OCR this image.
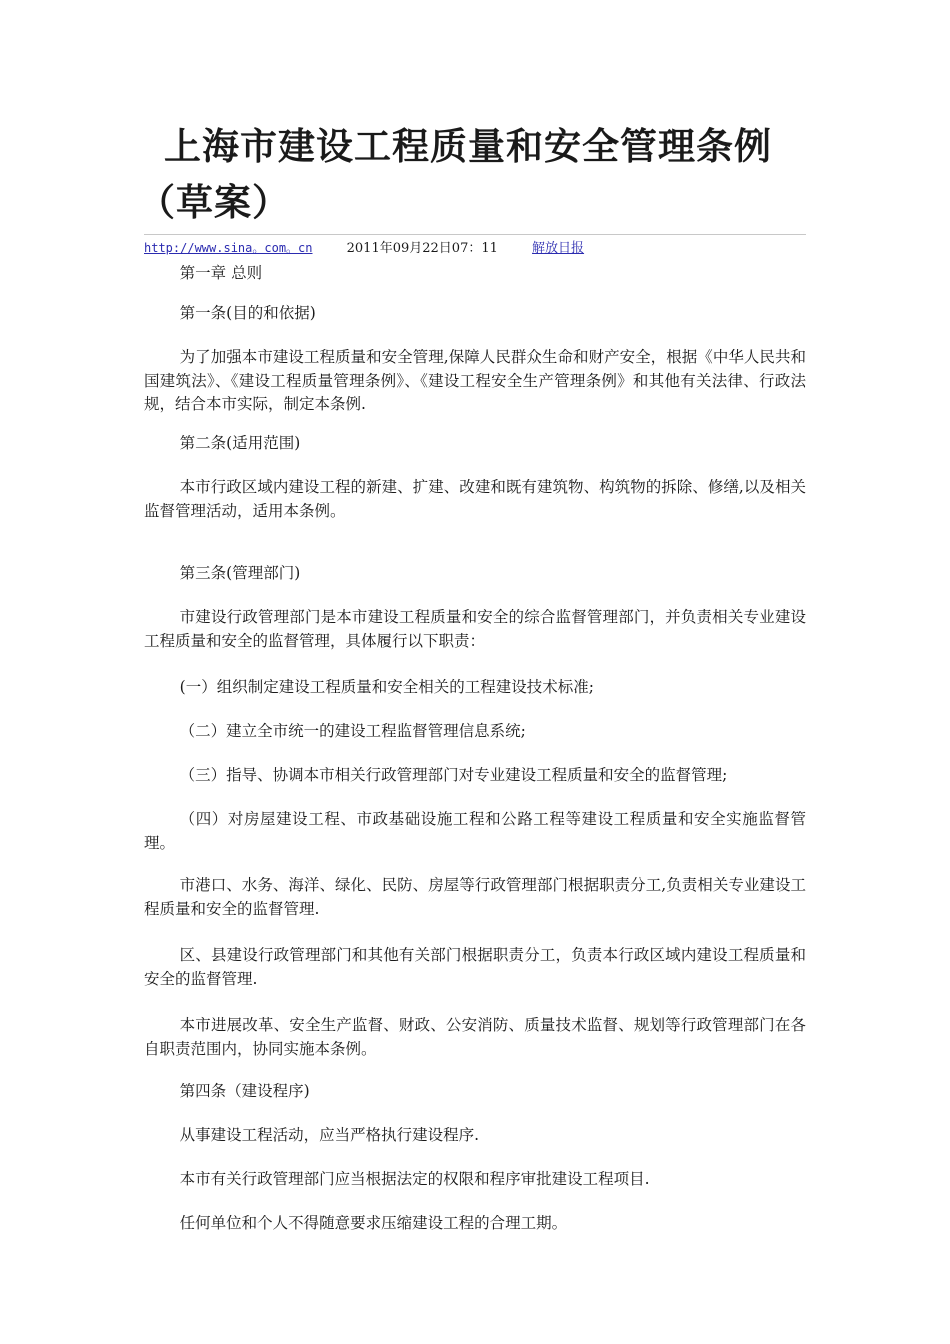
上海市建设工程质量和安全管理条例
（草案）
http://www.sina。com。cn	2011年09月22日07：11	解放日报

第一章 总则

第一条(目的和依据)

为了加强本市建设工程质量和安全管理,保障人民群众生命和财产安全，根据《中华人民共和国建筑法》、《建设工程质量管理条例》、《建设工程安全生产管理条例》和其他有关法律、行政法规，结合本市实际，制定本条例.

第二条(适用范围)

本市行政区域内建设工程的新建、扩建、改建和既有建筑物、构筑物的拆除、修缮,以及相关监督管理活动，适用本条例。

第三条(管理部门)

市建设行政管理部门是本市建设工程质量和安全的综合监督管理部门，并负责相关专业建设工程质量和安全的监督管理，具体履行以下职责：

(一）组织制定建设工程质量和安全相关的工程建设技术标准;

（二）建立全市统一的建设工程监督管理信息系统;

（三）指导、协调本市相关行政管理部门对专业建设工程质量和安全的监督管理;

（四）对房屋建设工程、市政基础设施工程和公路工程等建设工程质量和安全实施监督管理。

市港口、水务、海洋、绿化、民防、房屋等行政管理部门根据职责分工,负责相关专业建设工程质量和安全的监督管理.

区、县建设行政管理部门和其他有关部门根据职责分工，负责本行政区域内建设工程质量和安全的监督管理.

本市进展改革、安全生产监督、财政、公安消防、质量技术监督、规划等行政管理部门在各自职责范围内，协同实施本条例。

第四条（建设程序)

从事建设工程活动，应当严格执行建设程序.

本市有关行政管理部门应当根据法定的权限和程序审批建设工程项目.

任何单位和个人不得随意要求压缩建设工程的合理工期。
